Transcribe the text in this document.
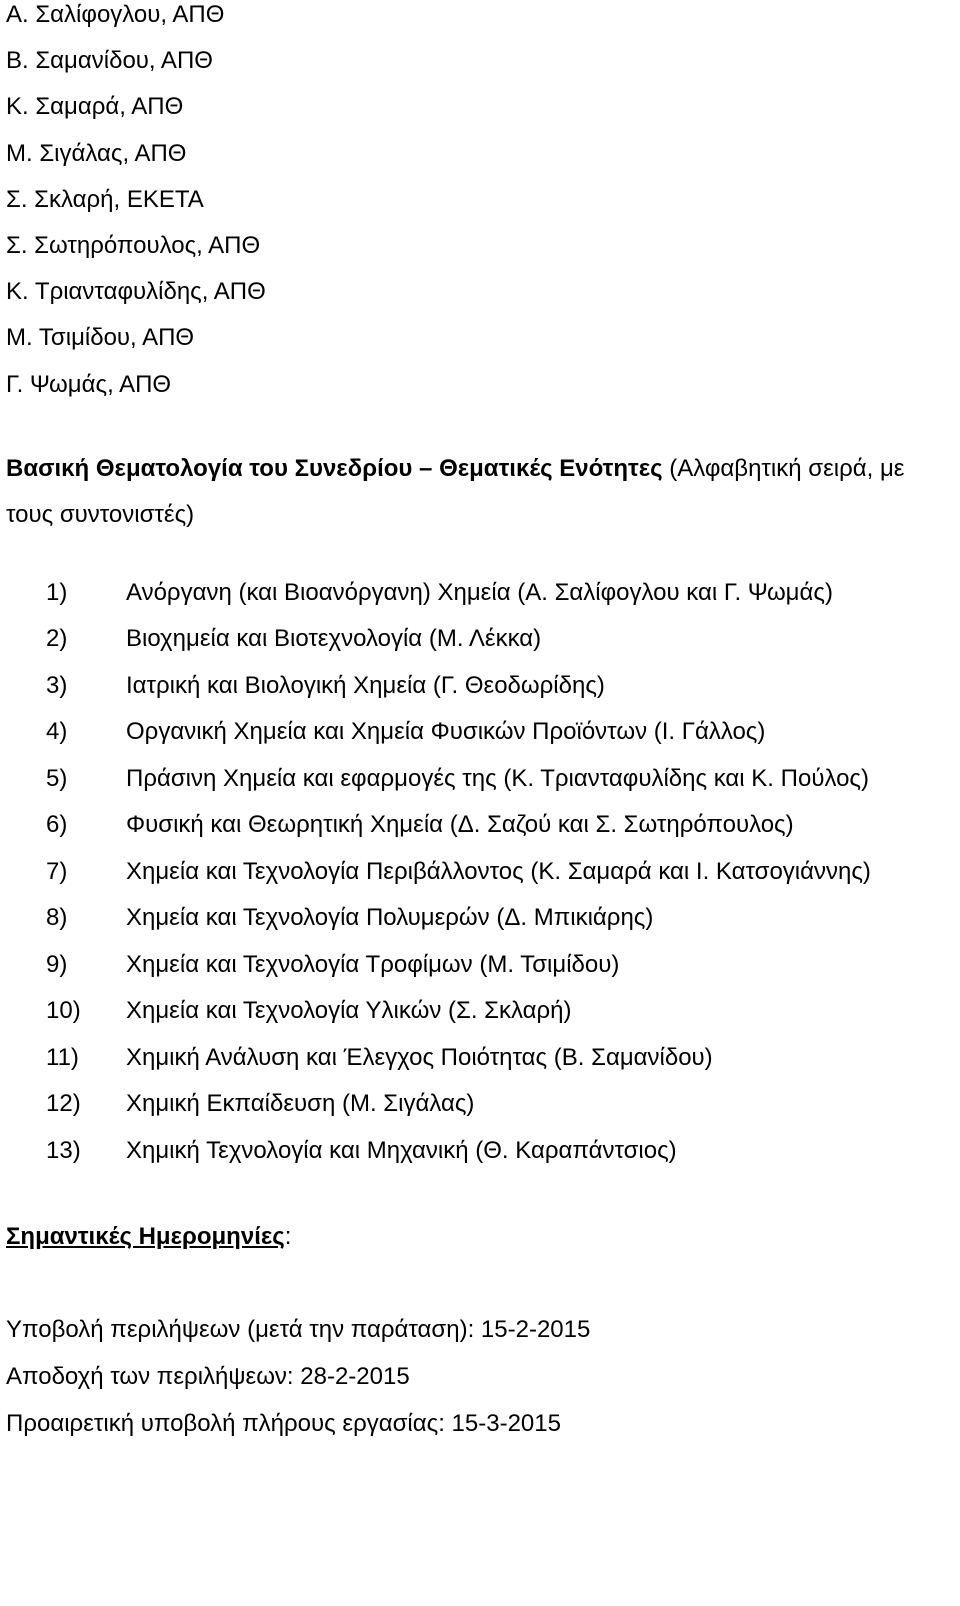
Α. Σαλίφογλου, ΑΠΘ
Β. Σαμανίδου, ΑΠΘ
Κ. Σαμαρά, ΑΠΘ
Μ. Σιγάλας, ΑΠΘ
Σ. Σκλαρή, ΕΚΕΤΑ
Σ. Σωτηρόπουλος, ΑΠΘ
Κ. Τριανταφυλίδης, ΑΠΘ
Μ. Τσιμίδου, ΑΠΘ
Γ. Ψωμάς, ΑΠΘ
Βασική Θεματολογία του Συνεδρίου – Θεματικές Ενότητες (Αλφαβητική σειρά, με τους συντονιστές)
1) Ανόργανη (και Βιοανόργανη) Χημεία (Α. Σαλίφογλου και Γ. Ψωμάς)
2) Βιοχημεία και Βιοτεχνολογία (Μ. Λέκκα)
3) Ιατρική και Βιολογική Χημεία (Γ. Θεοδωρίδης)
4) Οργανική Χημεία και Χημεία Φυσικών Προϊόντων (Ι. Γάλλος)
5) Πράσινη Χημεία και εφαρμογές της (Κ. Τριανταφυλίδης και Κ. Πούλος)
6) Φυσική και Θεωρητική Χημεία (Δ. Σαζού και Σ. Σωτηρόπουλος)
7) Χημεία και Τεχνολογία Περιβάλλοντος (Κ. Σαμαρά και Ι. Κατσογιάννης)
8) Χημεία και Τεχνολογία Πολυμερών (Δ. Μπικιάρης)
9) Χημεία και Τεχνολογία Τροφίμων (Μ. Τσιμίδου)
10) Χημεία και Τεχνολογία Υλικών (Σ. Σκλαρή)
11) Χημική Ανάλυση και Έλεγχος Ποιότητας (Β. Σαμανίδου)
12) Χημική Εκπαίδευση (Μ. Σιγάλας)
13) Χημική Τεχνολογία και Μηχανική (Θ. Καραπάντσιος)
Σημαντικές Ημερομηνίες:
Υποβολή περιλήψεων (μετά την παράταση): 15-2-2015
Αποδοχή των περιλήψεων: 28-2-2015
Προαιρετική υποβολή πλήρους εργασίας: 15-3-2015
